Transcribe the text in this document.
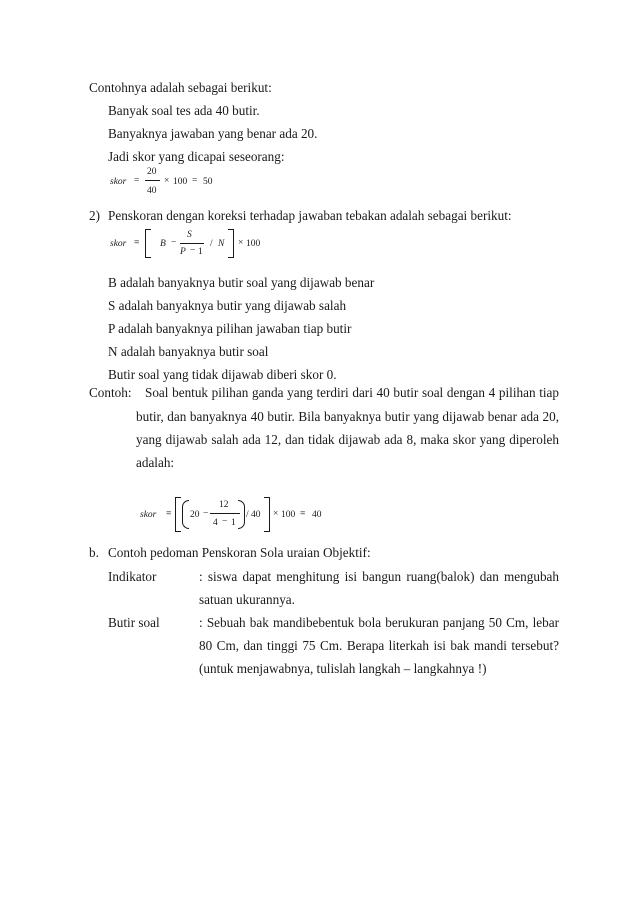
Contohnya adalah sebagai berikut:
Banyak soal tes ada 40 butir.
Banyaknya jawaban yang benar ada 20.
Jadi skor yang dicapai seseorang:
skor =
20
40
× 100 = 50
2) Penskoran dengan koreksi terhadap jawaban tebakan adalah sebagai berikut:
skor = B −
S
P − 1
/ N × 100
B adalah banyaknya butir soal yang dijawab benar
S adalah banyaknya butir yang dijawab salah
P adalah banyaknya pilihan jawaban tiap butir
N adalah banyaknya butir soal
Butir soal yang tidak dijawab diberi skor 0.
Contoh: Soal bentuk pilihan ganda yang terdiri dari 40 butir soal dengan 4 pilihan tiap
butir, dan banyaknya 40 butir. Bila banyaknya butir yang dijawab benar ada 20,
yang dijawab salah ada 12, dan tidak dijawab ada 8, maka skor yang diperoleh
adalah:
skor = 20 −
12
4 − 1
/ 40 × 100 = 40
b. Contoh pedoman Penskoran Sola uraian Objektif:
Indikator	: siswa dapat menghitung isi bangun ruang(balok) dan mengubah satuan ukurannya.
Butir soal	: Sebuah bak mandibebentuk bola berukuran panjang 50 Cm, lebar 80 Cm, dan tinggi 75 Cm. Berapa literkah isi bak mandi tersebut? (untuk menjawabnya, tulislah langkah – langkahnya !)
